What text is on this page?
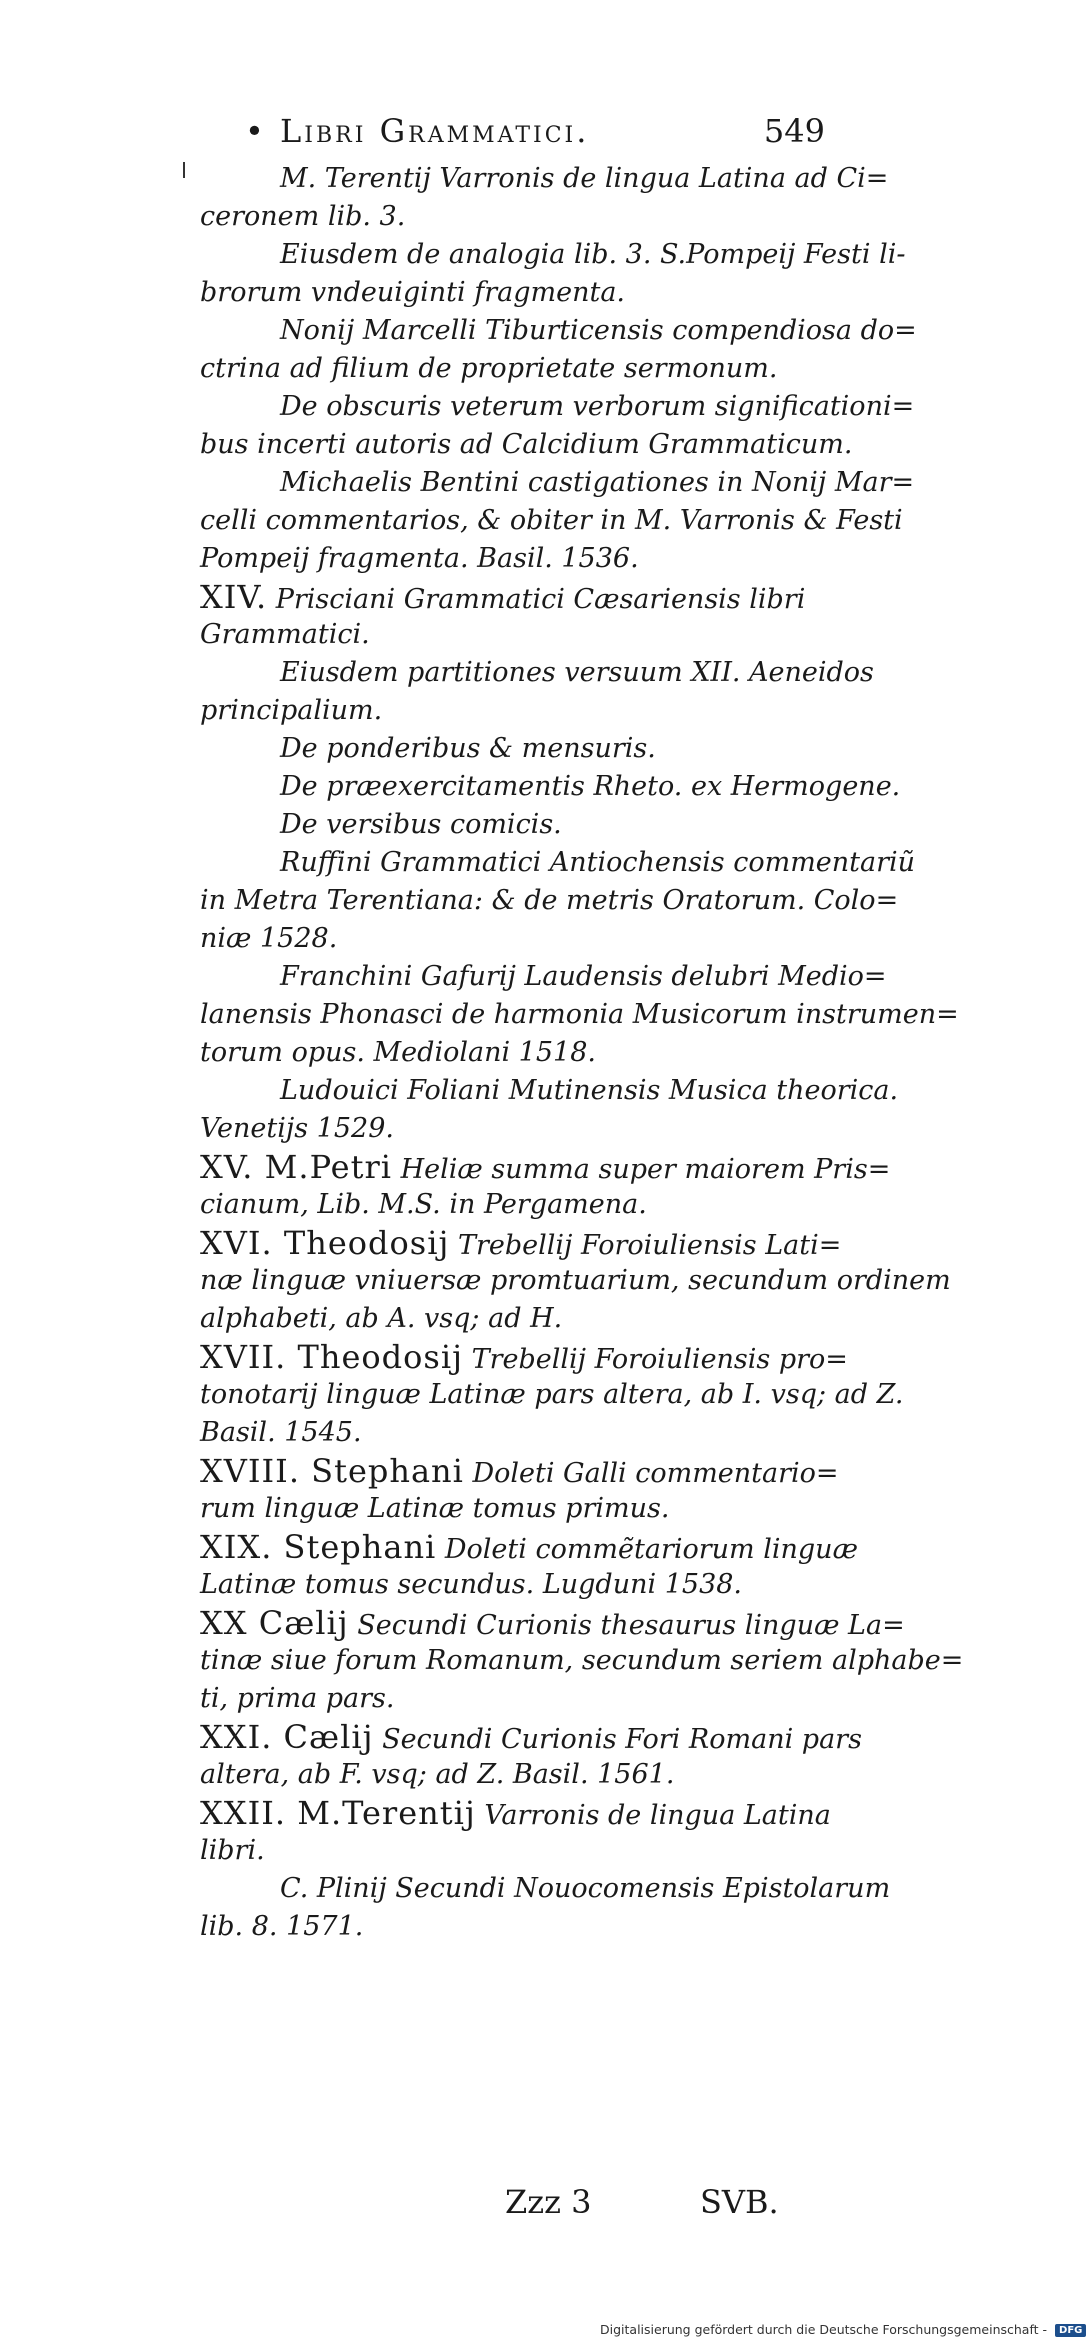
• Libri Grammatici.	549
M. Terentij Varronis de lingua Latina ad Ci=
ceronem lib. 3.
Eiusdem de analogia lib. 3. S.Pompeij Festi li-
brorum vndeuiginti fragmenta.
Nonij Marcelli Tiburticensis compendiosa do=
ctrina ad filium de proprietate sermonum.
De obscuris veterum verborum significationi=
bus incerti autoris ad Calcidium Grammaticum.
Michaelis Bentini castigationes in Nonij Mar=
celli commentarios, & obiter in M. Varronis & Festi
Pompeij fragmenta. Basil. 1536.
XIV. Prisciani Grammatici Cæsariensis libri
Grammatici.
Eiusdem partitiones versuum XII. Aeneidos
principalium.
De ponderibus & mensuris.
De præexercitamentis Rheto. ex Hermogene.
De versibus comicis.
Ruffini Grammatici Antiochensis commentariũ
in Metra Terentiana: & de metris Oratorum. Colo=
niæ 1528.
Franchini Gafurij Laudensis delubri Medio=
lanensis Phonasci de harmonia Musicorum instrumen=
torum opus. Mediolani 1518.
Ludouici Foliani Mutinensis Musica theorica.
Venetijs 1529.
XV. M.Petri Heliæ summa super maiorem Pris=
cianum, Lib. M.S. in Pergamena.
XVI. Theodosij Trebellij Foroiuliensis Lati=
næ linguæ vniuersæ promtuarium, secundum ordinem
alphabeti, ab A. vsq; ad H.
XVII. Theodosij Trebellij Foroiuliensis pro=
tonotarij linguæ Latinæ pars altera, ab I. vsq; ad Z.
Basil. 1545.
XVIII. Stephani Doleti Galli commentario=
rum linguæ Latinæ tomus primus.
XIX. Stephani Doleti commẽtariorum linguæ
Latinæ tomus secundus. Lugduni 1538.
XX Cælij Secundi Curionis thesaurus linguæ La=
tinæ siue forum Romanum, secundum seriem alphabe=
ti, prima pars.
XXI. Cælij Secundi Curionis Fori Romani pars
altera, ab F. vsq; ad Z. Basil. 1561.
XXII. M.Terentij Varronis de lingua Latina
libri.
C. Plinij Secundi Nouocomensis Epistolarum
lib. 8. 1571.
Zzz 3	SVB.
Digitalisierung gefördert durch die Deutsche Forschungsgemeinschaft - DFG
